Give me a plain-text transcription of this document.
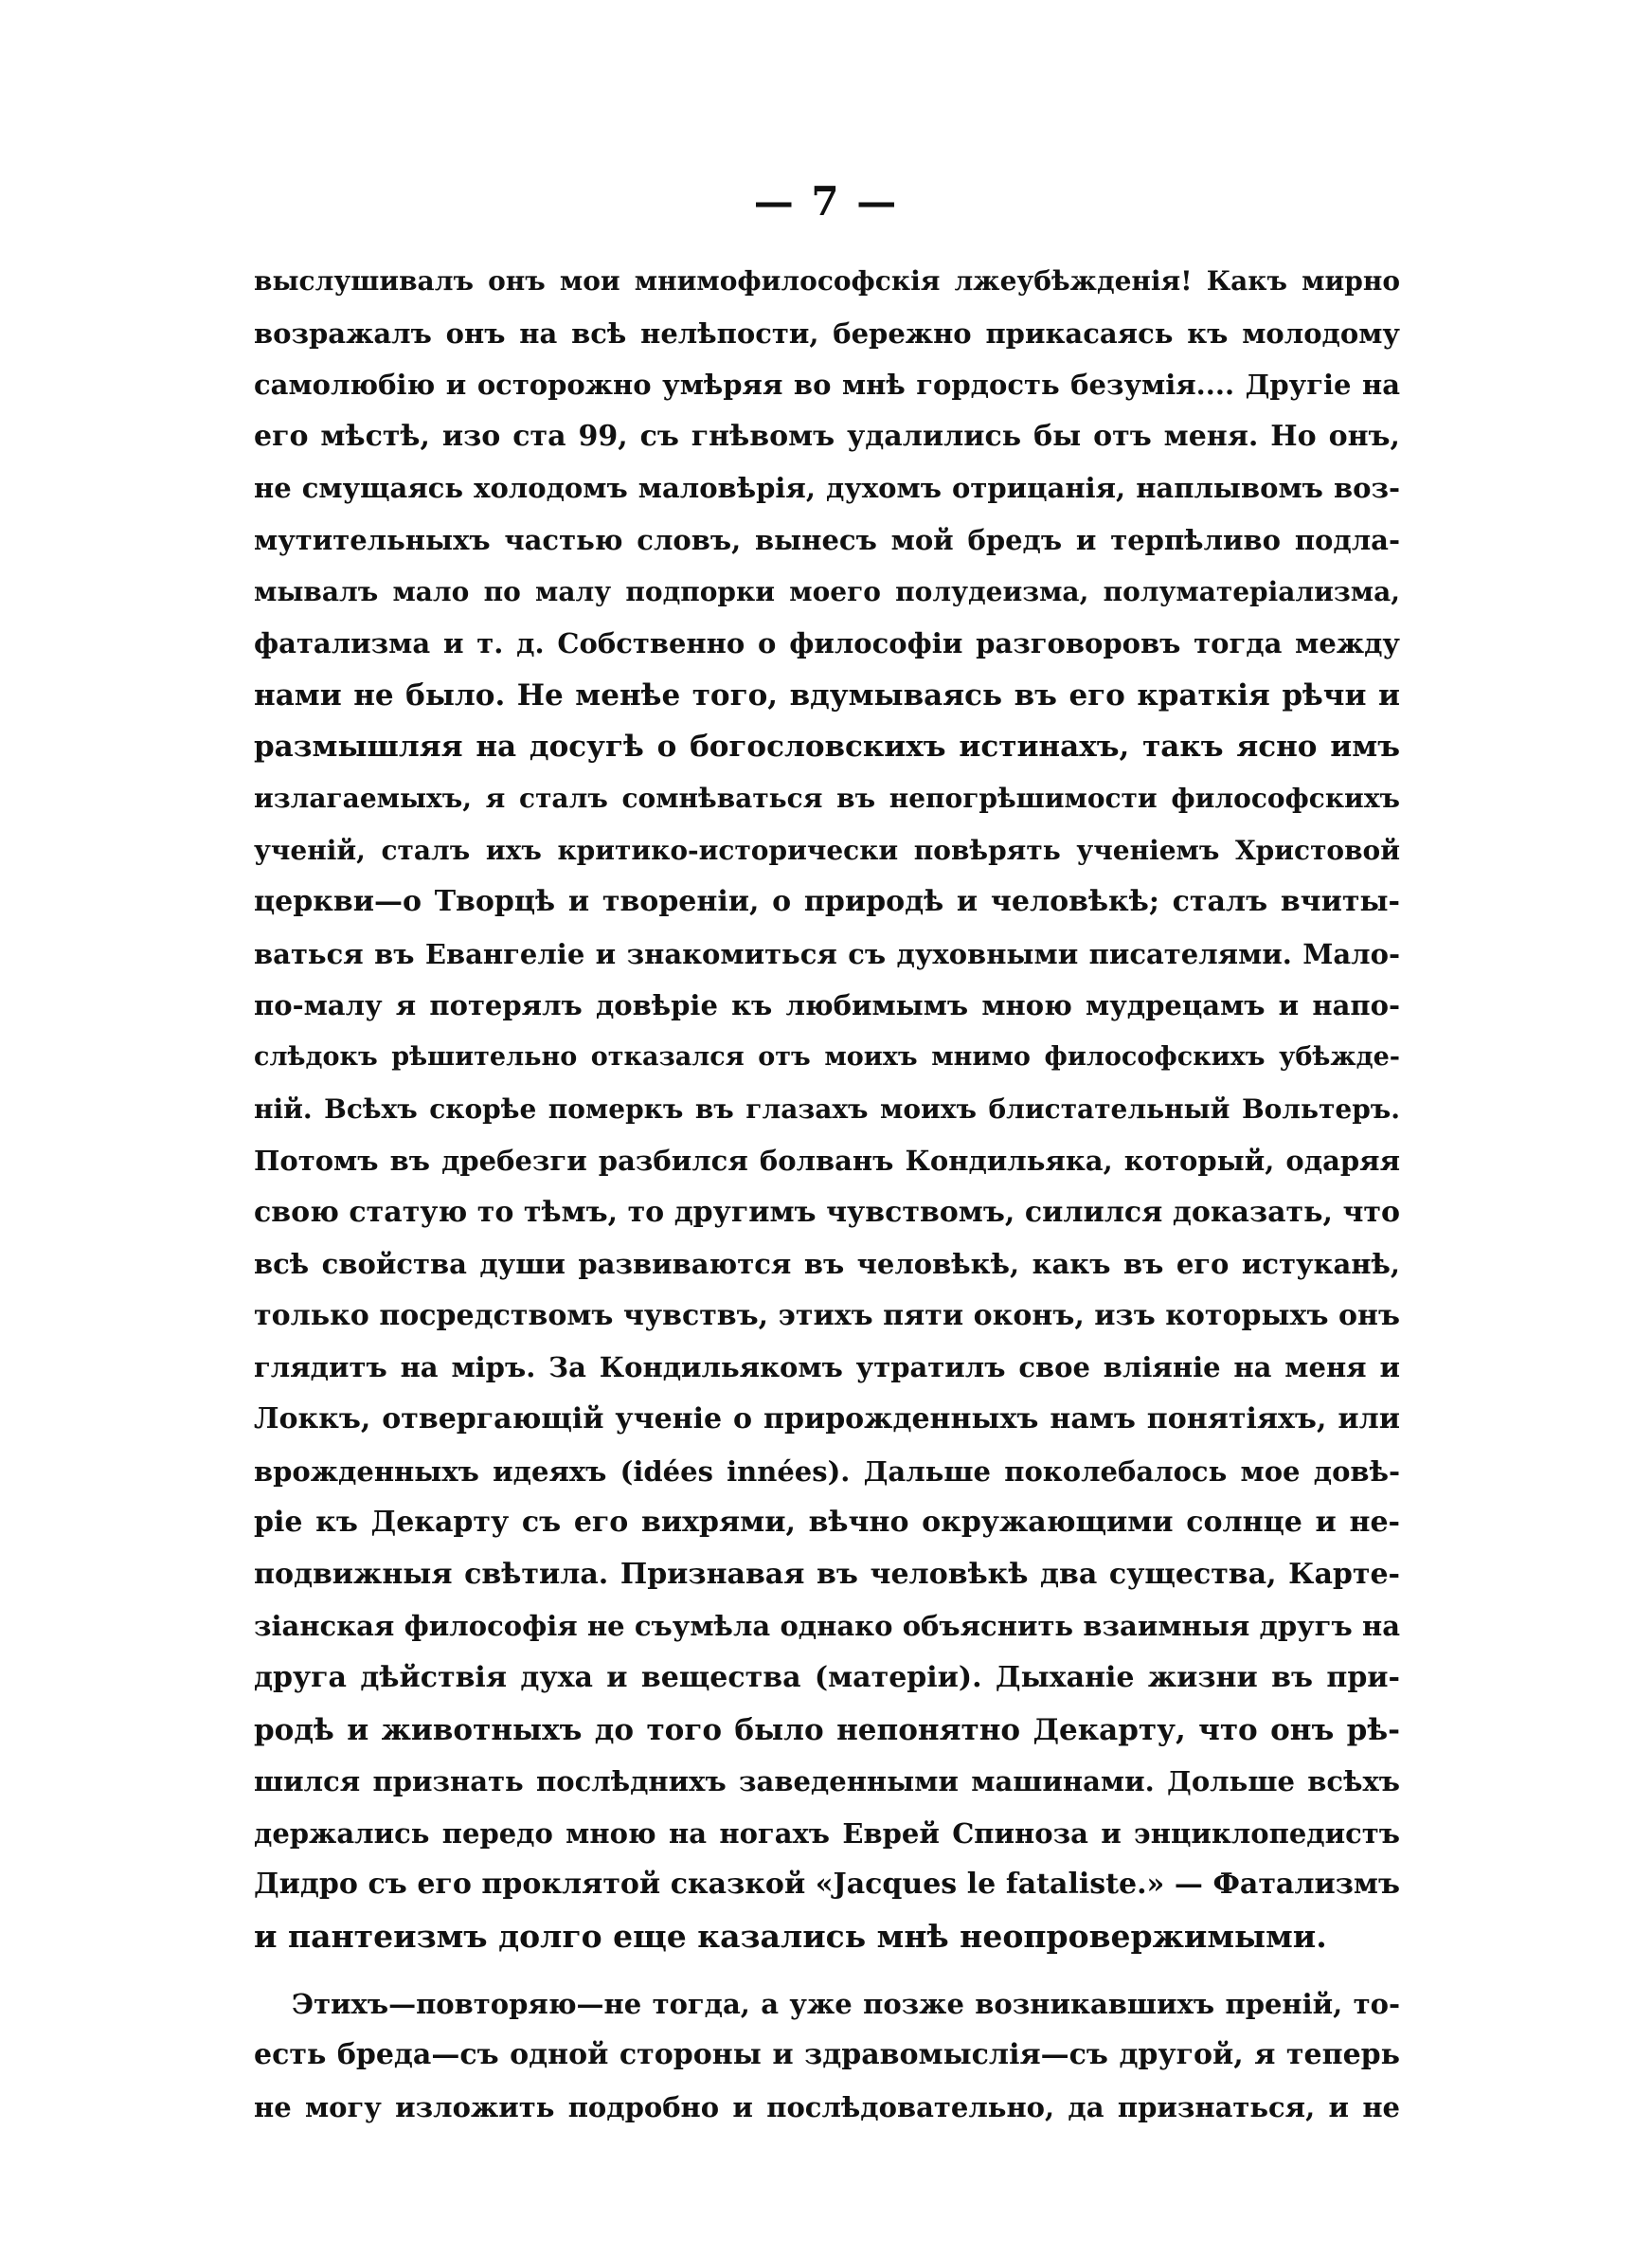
— 7 —
выслушивалъ онъ мои мнимофилософскія лжеубѣжденія! Какъ мирно
возражалъ онъ на всѣ нелѣпости, бережно прикасаясь къ молодому
самолюбію и осторожно умѣряя во мнѣ гордость безумія.... Другіе на
его мѣстѣ, изо ста 99, съ гнѣвомъ удалились бы отъ меня. Но онъ,
не смущаясь холодомъ маловѣрія, духомъ отрицанія, наплывомъ воз-
мутительныхъ частью словъ, вынесъ мой бредъ и терпѣливо подла-
мывалъ мало по малу подпорки моего полудеизма, полуматеріализма,
фатализма и т. д. Собственно о философіи разговоровъ тогда между
нами не было. Не менѣе того, вдумываясь въ его краткія рѣчи и
размышляя на досугѣ о богословскихъ истинахъ, такъ ясно имъ
излагаемыхъ, я сталъ сомнѣваться въ непогрѣшимости философскихъ
ученій, сталъ ихъ критико-исторически повѣрять ученіемъ Христовой
церкви—о Творцѣ и твореніи, о природѣ и человѣкѣ; сталъ вчиты-
ваться въ Евангеліе и знакомиться съ духовными писателями. Мало-
по-малу я потерялъ довѣріе къ любимымъ мною мудрецамъ и напо-
слѣдокъ рѣшительно отказался отъ моихъ мнимо философскихъ убѣжде-
ній. Всѣхъ скорѣе померкъ въ глазахъ моихъ блистательный Вольтеръ.
Потомъ въ дребезги разбился болванъ Кондильяка, который, одаряя
свою статую то тѣмъ, то другимъ чувствомъ, силился доказать, что
всѣ свойства души развиваются въ человѣкѣ, какъ въ его истуканѣ,
только посредствомъ чувствъ, этихъ пяти оконъ, изъ которыхъ онъ
глядитъ на міръ. За Кондильякомъ утратилъ свое вліяніе на меня и
Локкъ, отвергающій ученіе о прирожденныхъ намъ понятіяхъ, или
врожденныхъ идеяхъ (idées innées). Дальше поколебалось мое довѣ-
ріе къ Декарту съ его вихрями, вѣчно окружающими солнце и не-
подвижныя свѣтила. Признавая въ человѣкѣ два существа, Карте-
зіанская философія не съумѣла однако объяснить взаимныя другъ на
друга дѣйствія духа и вещества (матеріи). Дыханіе жизни въ при-
родѣ и животныхъ до того было непонятно Декарту, что онъ рѣ-
шился признать послѣднихъ заведенными машинами. Дольше всѣхъ
держались передо мною на ногахъ Еврей Спиноза и энциклопедистъ
Дидро съ его проклятой сказкой «Jacques le fataliste.» — Фатализмъ
и пантеизмъ долго еще казались мнѣ неопровержимыми.
Этихъ—повторяю—не тогда, а уже позже возникавшихъ преній, то-
есть бреда—съ одной стороны и здравомыслія—съ другой, я теперь
не могу изложить подробно и послѣдовательно, да признаться, и не
